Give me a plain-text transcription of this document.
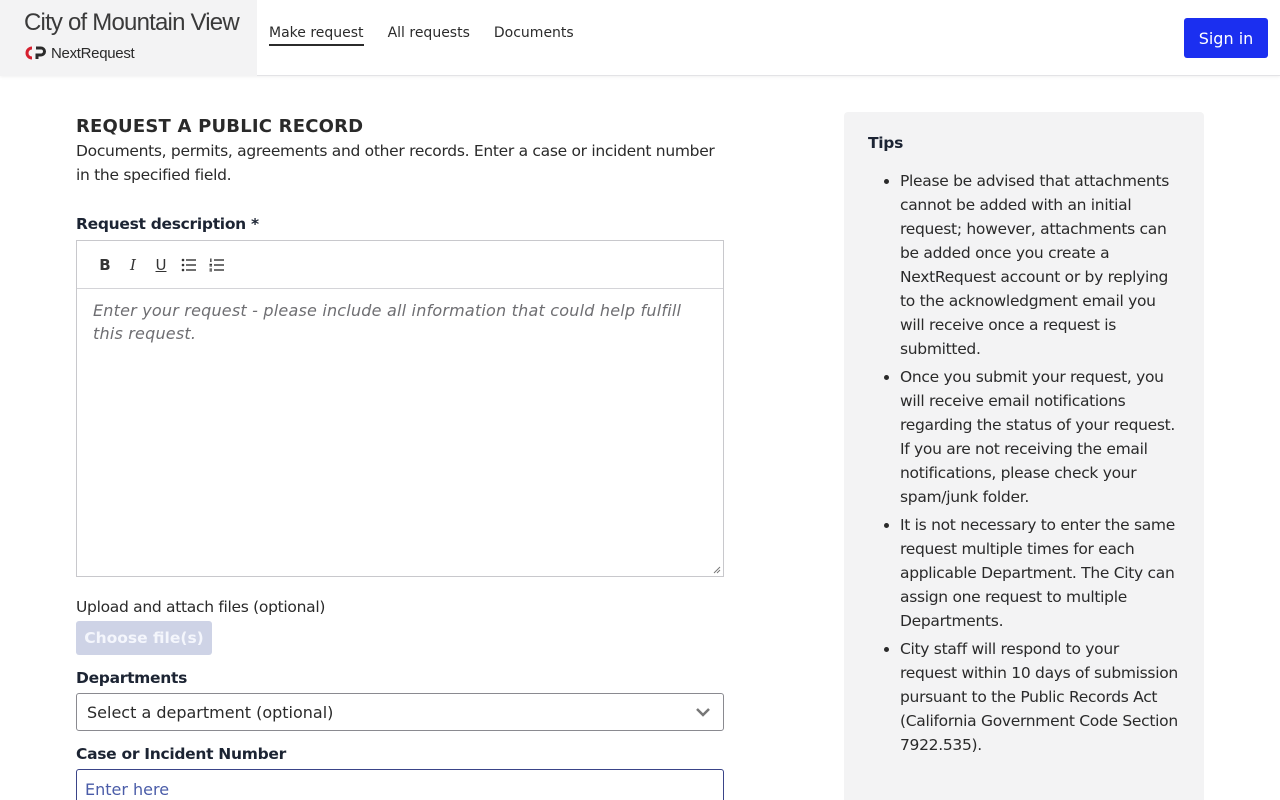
City of Mountain View
NextRequest
Make request All requests Documents	Sign in
REQUEST A PUBLIC RECORD

Documents, permits, agreements and other records. Enter a case or incident number in the specified field.

Request description *
B	I	U
Enter your request - please include all information that could help fulfill this request.
Upload and attach files (optional)
Choose file(s)
Departments
Select a department (optional)
Case or Incident Number
Enter here
Tips
• Please be advised that attachments cannot be added with an initial request; however, attachments can be added once you create a NextRequest account or by replying to the acknowledgment email you will receive once a request is submitted.
• Once you submit your request, you will receive email notifications regarding the status of your request. If you are not receiving the email notifications, please check your spam/junk folder.
• It is not necessary to enter the same request multiple times for each applicable Department. The City can assign one request to multiple Departments.
• City staff will respond to your request within 10 days of submission pursuant to the Public Records Act (California Government Code Section 7922.535).
